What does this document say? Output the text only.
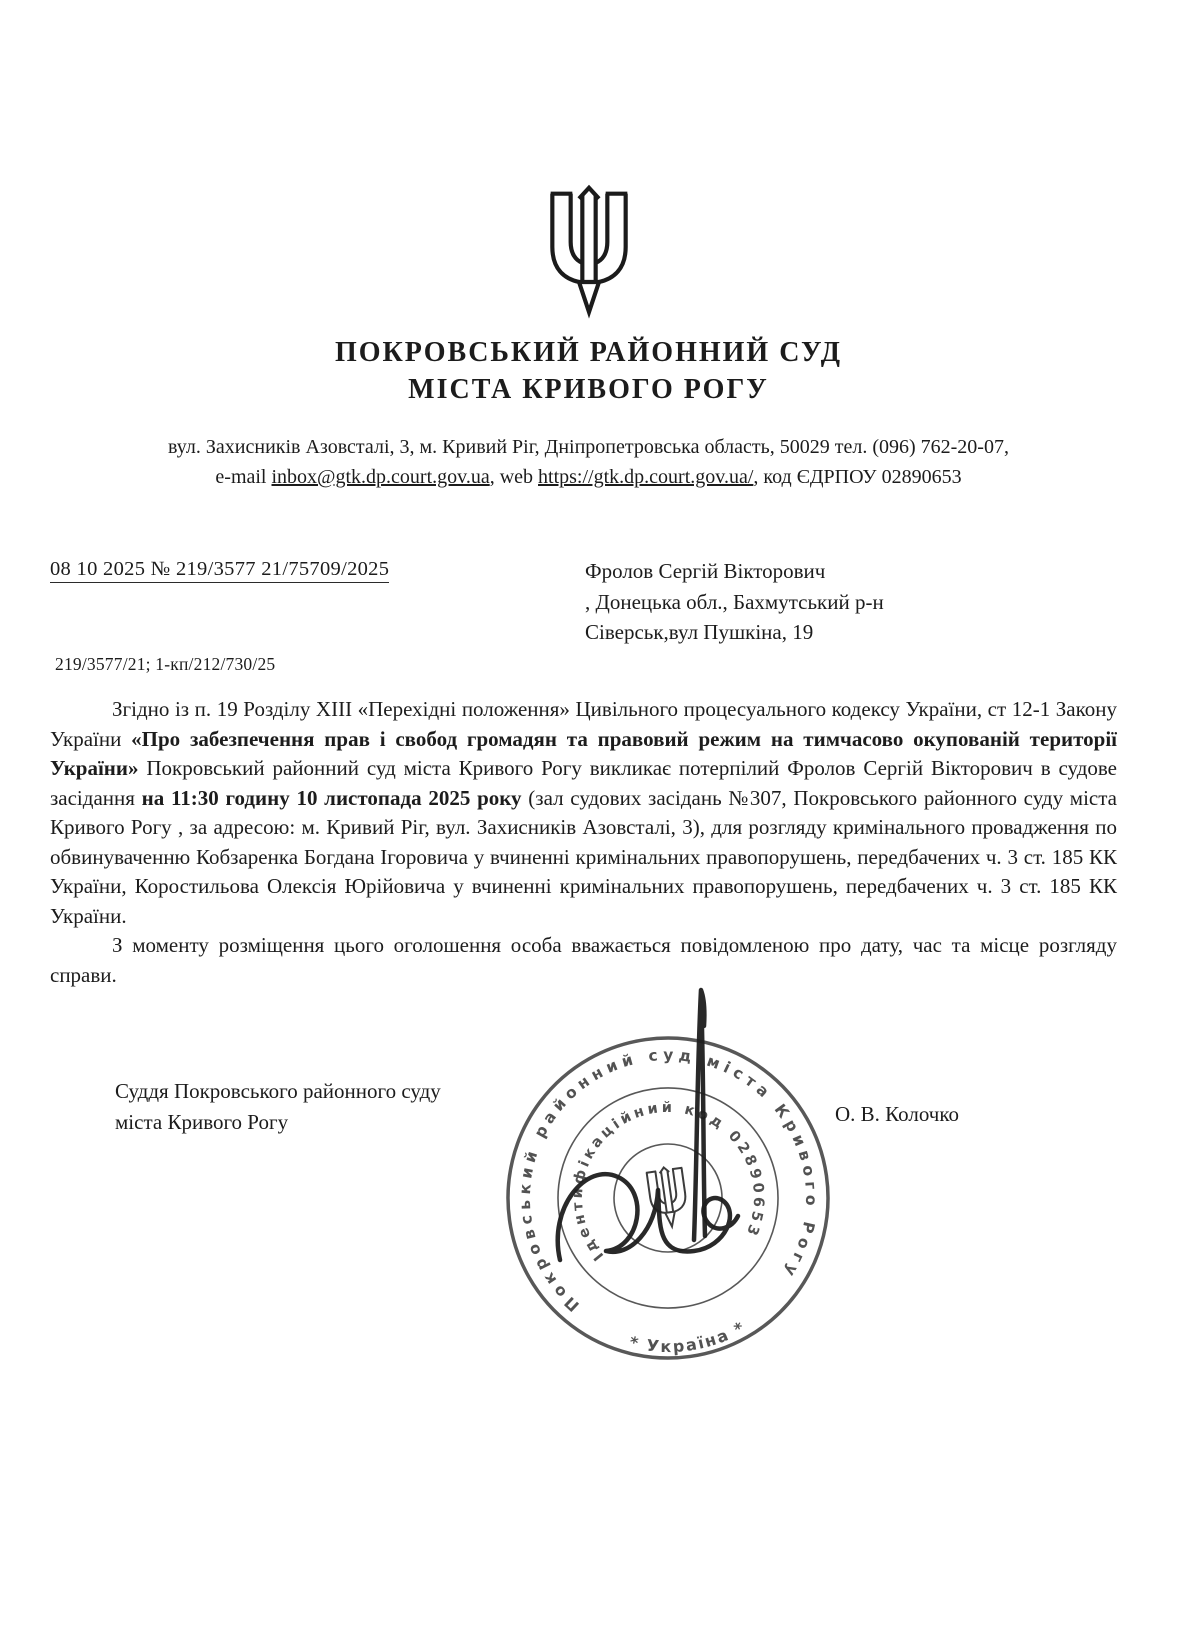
ПОКРОВСЬКИЙ РАЙОННИЙ СУД
МІСТА КРИВОГО РОГУ
вул. Захисників Азовсталі, 3, м. Кривий Ріг, Дніпропетровська область, 50029 тел. (096) 762-20-07,
e-mail inbox@gtk.dp.court.gov.ua, web https://gtk.dp.court.gov.ua/, код ЄДРПОУ 02890653
08 10 2025 № 219/3577 21/75709/2025	Фролов Сергій Вікторович
, Донецька обл., Бахмутський р-н
Сіверськ,вул Пушкіна, 19
219/3577/21; 1-кп/212/730/25

Згідно із п. 19 Розділу XIII «Перехідні положення» Цивільного процесуального кодексу України, ст 12-1 Закону України «Про забезпечення прав і свобод громадян та правовий режим на тимчасово окупованій території України» Покровський районний суд міста Кривого Рогу викликає потерпілий Фролов Сергій Вікторович в судове засідання на 11:30 годину 10 листопада 2025 року (зал судових засідань №307, Покровського районного суду міста Кривого Рогу , за адресою: м. Кривий Ріг, вул. Захисників Азовсталі, 3), для розгляду кримінального провадження по обвинуваченню Кобзаренка Богдана Ігоровича у вчиненні кримінальних правопорушень, передбачених ч. 3 ст. 185 КК України, Коростильова Олексія Юрійовича у вчиненні кримінальних правопорушень, передбачених ч. 3 ст. 185 КК України.

З моменту розміщення цього оголошення особа вважається повідомленою про дату, час та місце розгляду справи.

Суддя Покровського районного суду
міста Кривого Рогу	О. В. Колочко
Покровський районний суд міста Кривого Рогу
* Україна *
Ідентифікаційний код 02890653
